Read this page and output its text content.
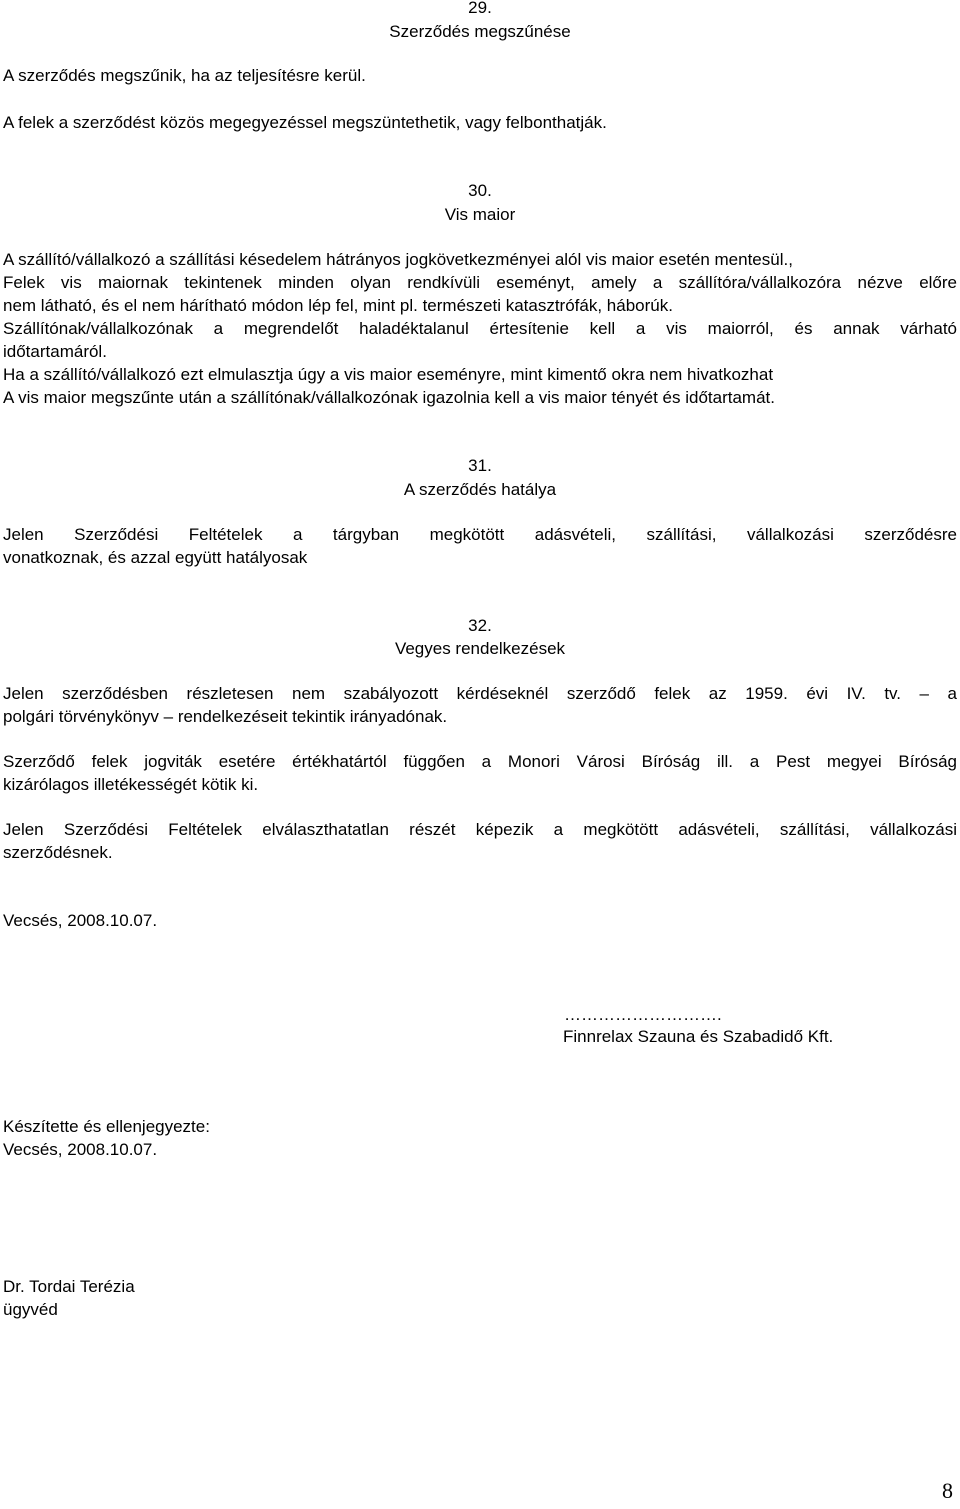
29.
Szerződés megszűnése
A szerződés megszűnik, ha az teljesítésre kerül.
A felek a szerződést közös megegyezéssel megszüntethetik, vagy felbonthatják.
30.
Vis maior
A szállító/vállalkozó a szállítási késedelem hátrányos jogkövetkezményei alól vis maior esetén mentesül.,
Felek vis maiornak tekintenek minden olyan rendkívüli eseményt, amely a szállítóra/vállalkozóra nézve előre
nem látható, és el nem hárítható módon lép fel, mint pl. természeti katasztrófák, háborúk.
Szállítónak/vállalkozónak a megrendelőt haladéktalanul értesítenie kell a vis maiorról, és annak várható
időtartamáról.
Ha a szállító/vállalkozó ezt elmulasztja úgy a vis maior eseményre, mint kimentő okra nem hivatkozhat
A vis maior megszűnte után a szállítónak/vállalkozónak igazolnia kell a vis maior tényét és időtartamát.
31.
A szerződés hatálya
Jelen Szerződési Feltételek a tárgyban megkötött adásvételi, szállítási, vállalkozási szerződésre
vonatkoznak, és azzal együtt hatályosak
32.
Vegyes rendelkezések
Jelen szerződésben részletesen nem szabályozott kérdéseknél szerződő felek az 1959. évi IV. tv. – a
polgári törvénykönyv – rendelkezéseit tekintik irányadónak.
Szerződő felek jogviták esetére értékhatártól függően a Monori Városi Bíróság ill. a Pest megyei Bíróság
kizárólagos illetékességét kötik ki.
Jelen Szerződési Feltételek elválaszthatatlan részét képezik a megkötött adásvételi, szállítási, vállalkozási
szerződésnek.
Vecsés, 2008.10.07.
……………………….
Finnrelax Szauna és Szabadidő Kft.
Készítette és ellenjegyezte:
Vecsés, 2008.10.07.
Dr. Tordai Terézia
ügyvéd
8
